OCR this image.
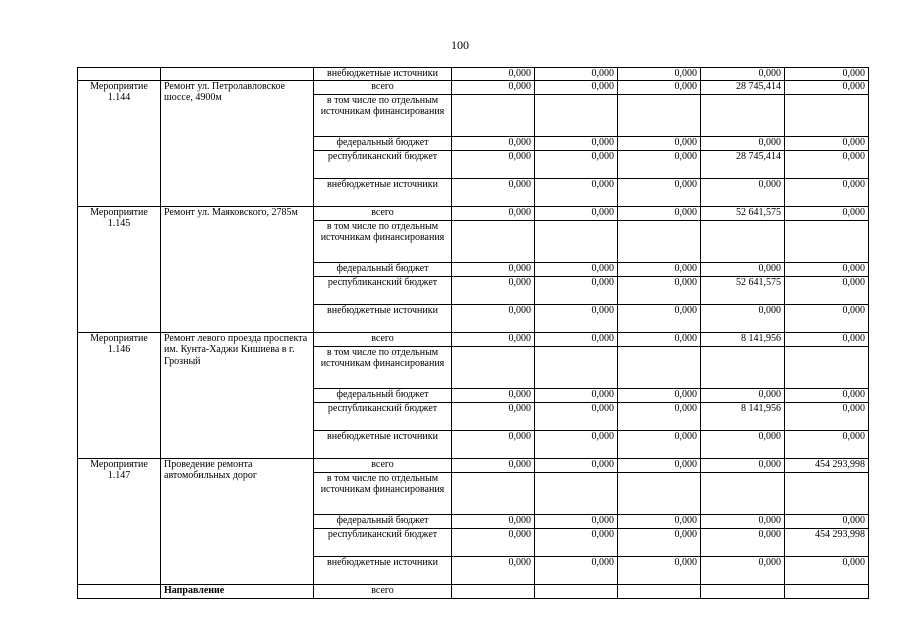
100
		внебюджетные источники	0,000	0,000	0,000	0,000	0,000
Мероприятие 1.144	Ремонт ул. Петролавловское шоссе, 4900м	всего	0,000	0,000	0,000	28 745,414	0,000
		в том числе по отдельным источникам финансирования					
		федеральный бюджет	0,000	0,000	0,000	0,000	0,000
		республиканский бюджет	0,000	0,000	0,000	28 745,414	0,000
		внебюджетные источники	0,000	0,000	0,000	0,000	0,000
Мероприятие 1.145	Ремонт ул. Маяковского, 2785м	всего	0,000	0,000	0,000	52 641,575	0,000
		в том числе по отдельным источникам финансирования					
		федеральный бюджет	0,000	0,000	0,000	0,000	0,000
		республиканский бюджет	0,000	0,000	0,000	52 641,575	0,000
		внебюджетные источники	0,000	0,000	0,000	0,000	0,000
Мероприятие 1.146	Ремонт левого проезда проспекта им. Кунта-Хаджи Кишиева в г. Грозный	всего	0,000	0,000	0,000	8 141,956	0,000
		в том числе по отдельным источникам финансирования					
		федеральный бюджет	0,000	0,000	0,000	0,000	0,000
		республиканский бюджет	0,000	0,000	0,000	8 141,956	0,000
		внебюджетные источники	0,000	0,000	0,000	0,000	0,000
Мероприятие 1.147	Проведение ремонта автомобильных дорог	всего	0,000	0,000	0,000	0,000	454 293,998
		в том числе по отдельным источникам финансирования					
		федеральный бюджет	0,000	0,000	0,000	0,000	0,000
		республиканский бюджет	0,000	0,000	0,000	0,000	454 293,998
		внебюджетные источники	0,000	0,000	0,000	0,000	0,000
	Направление	всего					
